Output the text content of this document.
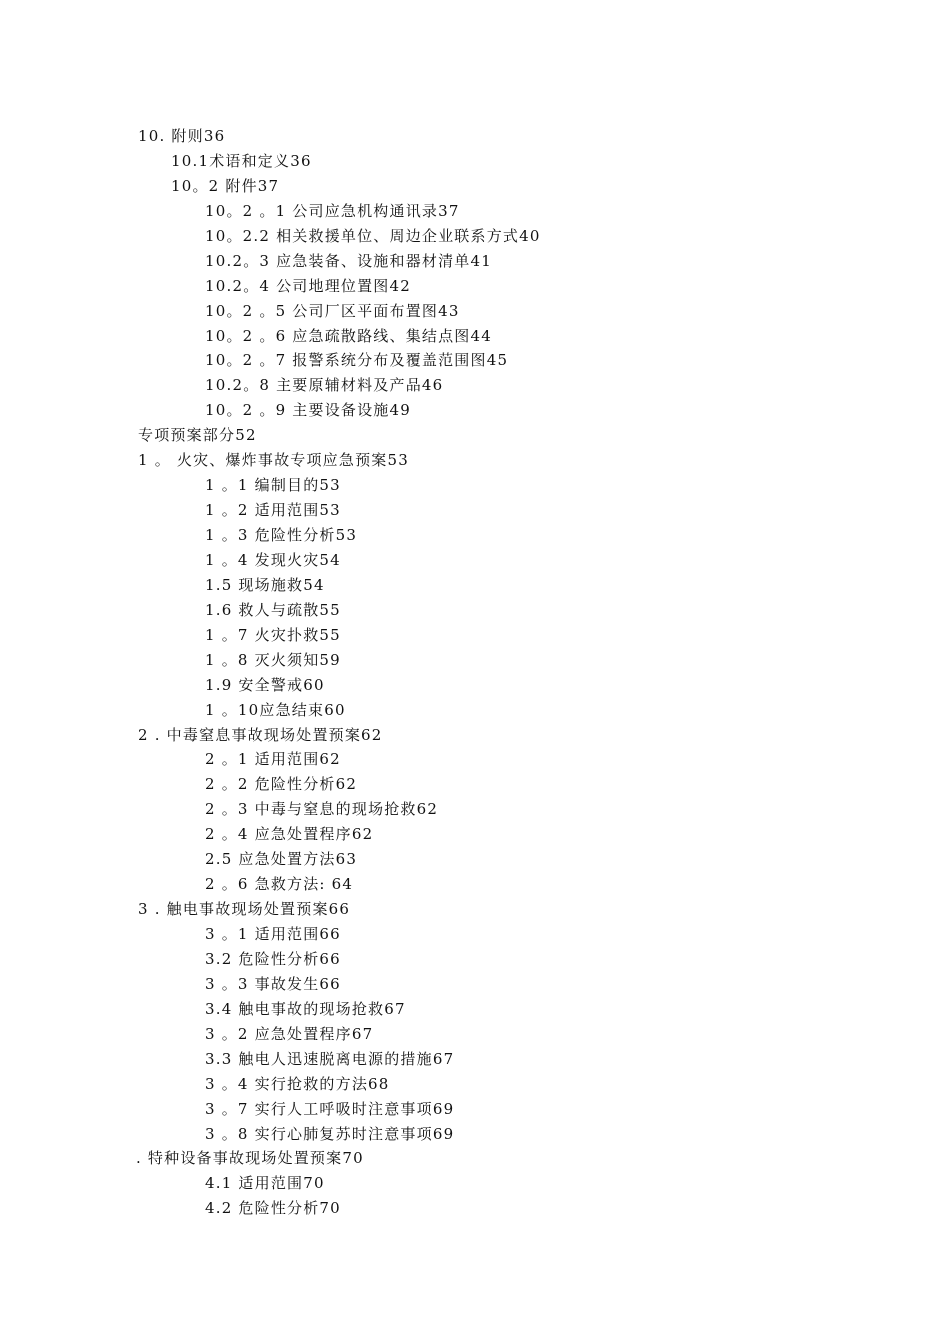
10. 附则36
10.1术语和定义36
10。2 附件37
10。2 。1 公司应急机构通讯录37
10。2.2 相关救援单位、周边企业联系方式40
10.2。3 应急装备、设施和器材清单41
10.2。4 公司地理位置图42
10。2 。5 公司厂区平面布置图43
10。2 。6 应急疏散路线、集结点图44
10。2 。7 报警系统分布及覆盖范围图45
10.2。8 主要原辅材料及产品46
10。2 。9 主要设备设施49
专项预案部分52
1 。 火灾、爆炸事故专项应急预案53
1 。1 编制目的53
1 。2 适用范围53
1 。3 危险性分析53
1 。4 发现火灾54
1.5 现场施救54
1.6 救人与疏散55
1 。7 火灾扑救55
1 。8 灭火须知59
1.9 安全警戒60
1 。10应急结束60
2 . 中毒窒息事故现场处置预案62
2 。1 适用范围62
2 。2 危险性分析62
2 。3 中毒与窒息的现场抢救62
2 。4 应急处置程序62
2.5 应急处置方法63
2 。6 急救方法: 64
3 . 触电事故现场处置预案66
3 。1 适用范围66
3.2 危险性分析66
3 。3 事故发生66
3.4 触电事故的现场抢救67
3 。2 应急处置程序67
3.3 触电人迅速脱离电源的措施67
3 。4 实行抢救的方法68
3 。7 实行人工呼吸时注意事项69
3 。8 实行心肺复苏时注意事项69
. 特种设备事故现场处置预案70
4.1 适用范围70
4.2 危险性分析70
